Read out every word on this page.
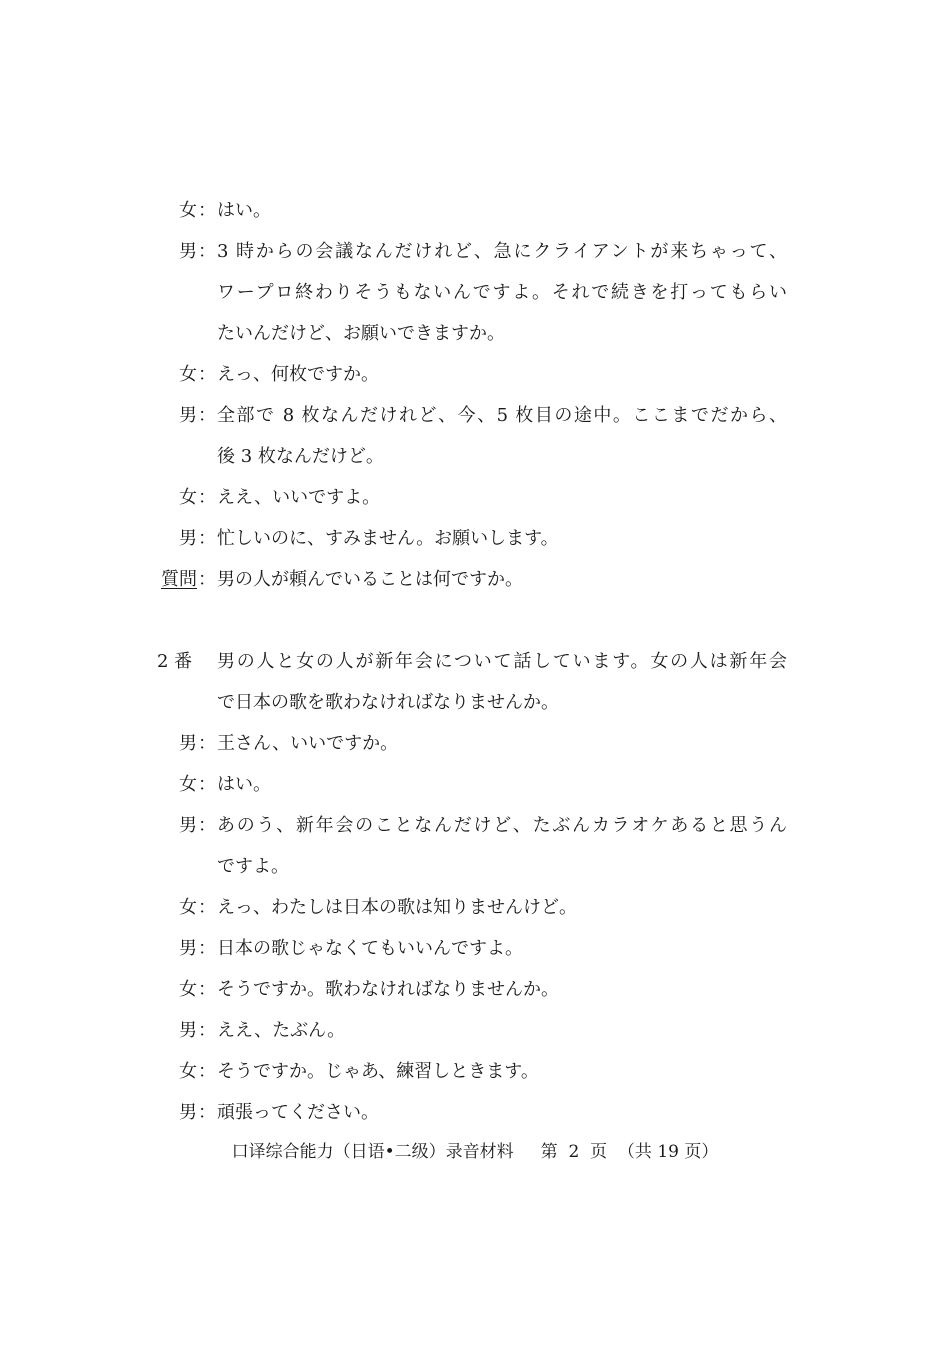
女 ： はい。
男 ： 3 時からの会議なんだけれど、急にクライアントが来ちゃって、
ワープロ終わりそうもないんですよ。それで続きを打ってもらい
たいんだけど、お願いできますか。
女 ： えっ、何枚ですか。
男 ： 全部で 8 枚なんだけれど、今、5 枚目の途中。ここまでだから、
後 3 枚なんだけど。
女 ： ええ、いいですよ。
男 ： 忙しいのに、すみません。お願いします。
質問 ： 男の人が頼んでいることは何ですか。
2 番	男の人と女の人が新年会について話しています。女の人は新年会
で日本の歌を歌わなければなりませんか。
男 ： 王さん、いいですか。
女 ： はい。
男 ： あのう、新年会のことなんだけど、たぶんカラオケあると思うん
ですよ。
女 ： えっ、わたしは日本の歌は知りませんけど。
男 ： 日本の歌じゃなくてもいいんですよ。
女 ： そうですか。歌わなければなりませんか。
男 ： ええ、たぶん。
女 ： そうですか。じゃあ、練習しときます。
男 ： 頑張ってください。
口译综合能力（日语•二级）录音材料     第  2  页  （共 19 页）
